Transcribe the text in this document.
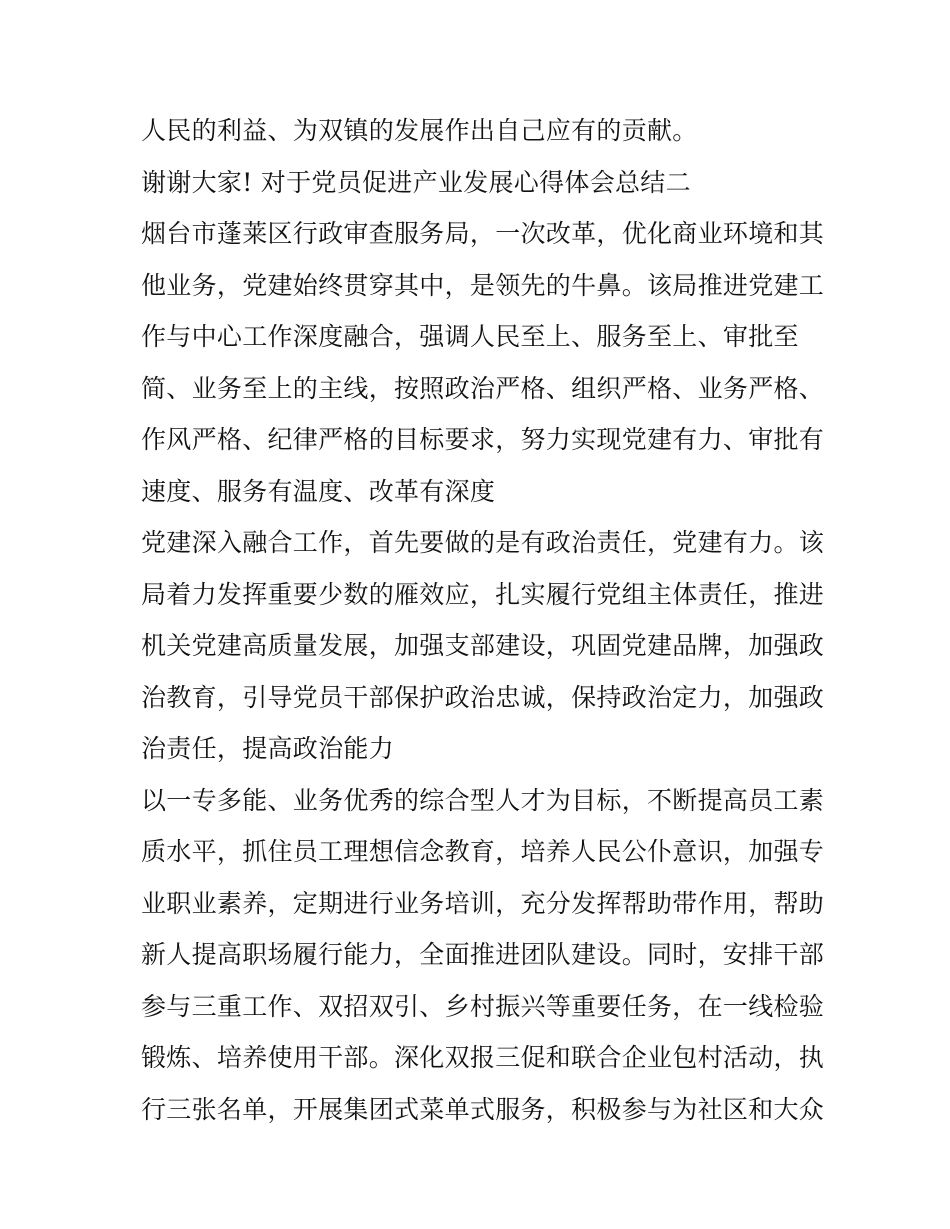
人民的利益、为双镇的发展作出自己应有的贡献。
谢谢大家! 对于党员促进产业发展心得体会总结二
烟台市蓬莱区行政审查服务局，一次改革，优化商业环境和其
他业务，党建始终贯穿其中，是领先的牛鼻。该局推进党建工
作与中心工作深度融合，强调人民至上、服务至上、审批至
简、业务至上的主线，按照政治严格、组织严格、业务严格、
作风严格、纪律严格的目标要求，努力实现党建有力、审批有
速度、服务有温度、改革有深度
党建深入融合工作，首先要做的是有政治责任，党建有力。该
局着力发挥重要少数的雁效应，扎实履行党组主体责任，推进
机关党建高质量发展，加强支部建设，巩固党建品牌，加强政
治教育，引导党员干部保护政治忠诚，保持政治定力，加强政
治责任，提高政治能力
以一专多能、业务优秀的综合型人才为目标，不断提高员工素
质水平，抓住员工理想信念教育，培养人民公仆意识，加强专
业职业素养，定期进行业务培训，充分发挥帮助带作用，帮助
新人提高职场履行能力，全面推进团队建设。同时，安排干部
参与三重工作、双招双引、乡村振兴等重要任务，在一线检验
锻炼、培养使用干部。深化双报三促和联合企业包村活动，执
行三张名单，开展集团式菜单式服务，积极参与为社区和大众
